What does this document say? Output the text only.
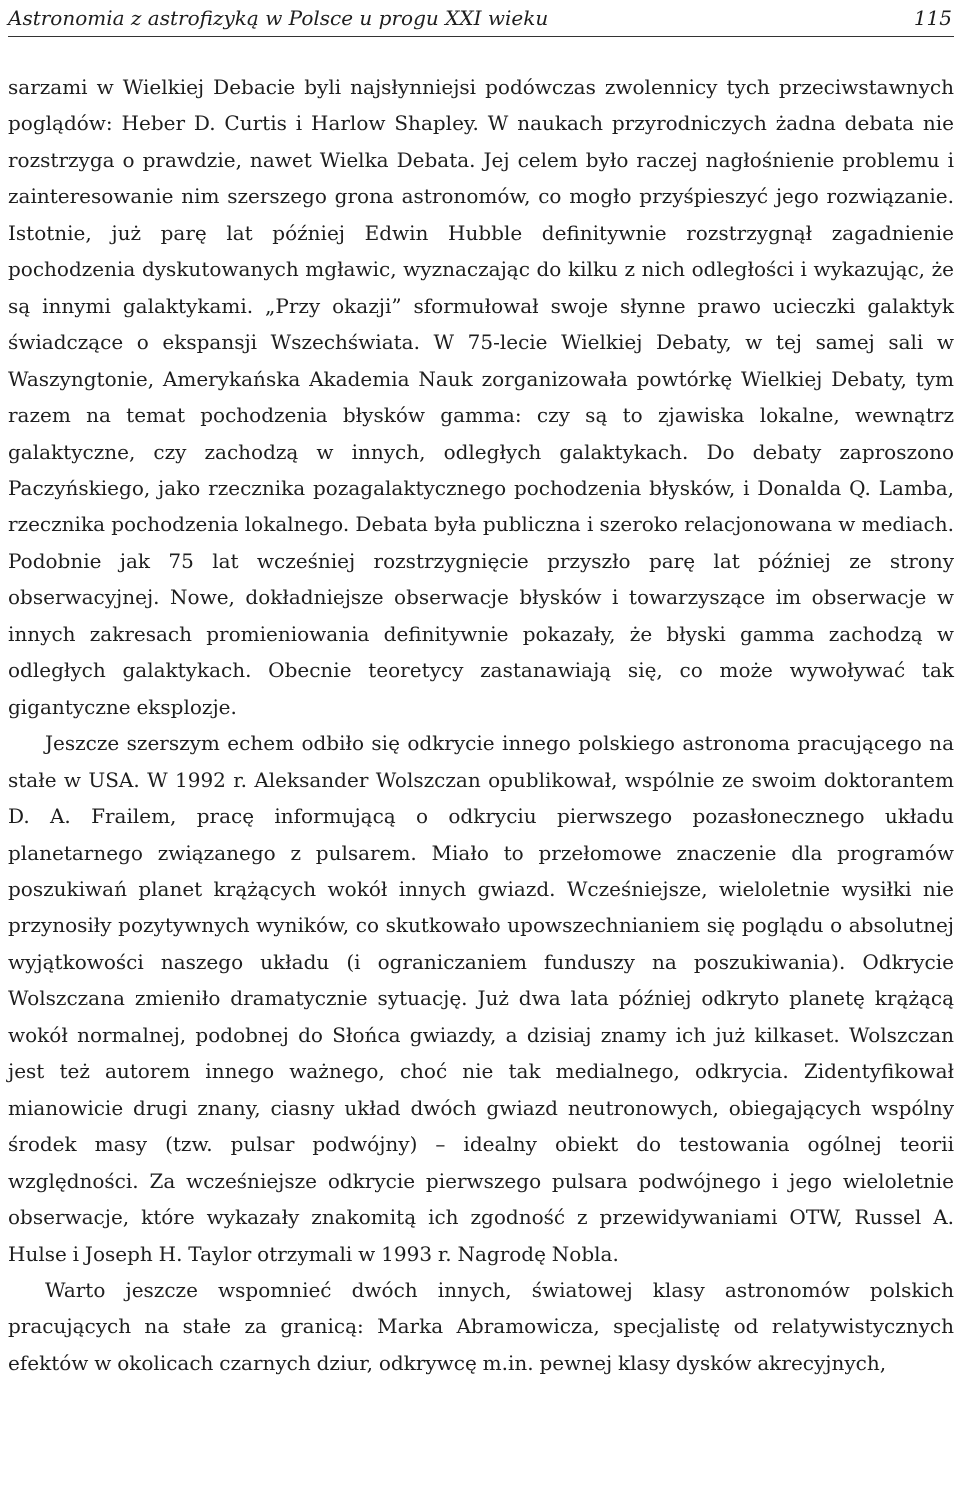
Astronomia z astrofizyką w Polsce u progu XXI wieku	115

sarzami w Wielkiej Debacie byli najsłynniejsi podówczas zwolennicy tych przeciwstawnych poglądów: Heber D. Curtis i Harlow Shapley. W naukach przyrodniczych żadna debata nie rozstrzyga o prawdzie, nawet Wielka Debata. Jej celem było raczej nagłośnienie problemu i zainteresowanie nim szerszego grona astronomów, co mogło przyśpieszyć jego rozwiązanie. Istotnie, już parę lat później Edwin Hubble definitywnie rozstrzygnął zagadnienie pochodzenia dyskutowanych mgławic, wyznaczając do kilku z nich odległości i wykazując, że są innymi galaktykami. „Przy okazji” sformułował swoje słynne prawo ucieczki galaktyk świadczące o ekspansji Wszechświata. W 75-lecie Wielkiej Debaty, w tej samej sali w Waszyngtonie, Amerykańska Akademia Nauk zorganizowała powtórkę Wielkiej Debaty, tym razem na temat pochodzenia błysków gamma: czy są to zjawiska lokalne, wewnątrz galaktyczne, czy zachodzą w innych, odległych galaktykach. Do debaty zaproszono Paczyńskiego, jako rzecznika pozagalaktycznego pochodzenia błysków, i Donalda Q. Lamba, rzecznika pochodzenia lokalnego. Debata była publiczna i szeroko relacjonowana w mediach. Podobnie jak 75 lat wcześniej rozstrzygnięcie przyszło parę lat później ze strony obserwacyjnej. Nowe, dokładniejsze obserwacje błysków i towarzyszące im obserwacje w innych zakresach promieniowania definitywnie pokazały, że błyski gamma zachodzą w odległych galaktykach. Obecnie teoretycy zastanawiają się, co może wywoływać tak gigantyczne eksplozje.

Jeszcze szerszym echem odbiło się odkrycie innego polskiego astronoma pracującego na stałe w USA. W 1992 r. Aleksander Wolszczan opublikował, wspólnie ze swoim doktorantem D. A. Frailem, pracę informującą o odkryciu pierwszego pozasłonecznego układu planetarnego związanego z pulsarem. Miało to przełomowe znaczenie dla programów poszukiwań planet krążących wokół innych gwiazd. Wcześniejsze, wieloletnie wysiłki nie przynosiły pozytywnych wyników, co skutkowało upowszechnianiem się poglądu o absolutnej wyjątkowości naszego układu (i ograniczaniem funduszy na poszukiwania). Odkrycie Wolszczana zmieniło dramatycznie sytuację. Już dwa lata później odkryto planetę krążącą wokół normalnej, podobnej do Słońca gwiazdy, a dzisiaj znamy ich już kilkaset. Wolszczan jest też autorem innego ważnego, choć nie tak medialnego, odkrycia. Zidentyfikował mianowicie drugi znany, ciasny układ dwóch gwiazd neutronowych, obiegających wspólny środek masy (tzw. pulsar podwójny) – idealny obiekt do testowania ogólnej teorii względności. Za wcześniejsze odkrycie pierwszego pulsara podwójnego i jego wieloletnie obserwacje, które wykazały znakomitą ich zgodność z przewidywaniami OTW, Russel A. Hulse i Joseph H. Taylor otrzymali w 1993 r. Nagrodę Nobla.

Warto jeszcze wspomnieć dwóch innych, światowej klasy astronomów polskich pracujących na stałe za granicą: Marka Abramowicza, specjalistę od relatywistycznych efektów w okolicach czarnych dziur, odkrywcę m.in. pewnej klasy dysków akrecyjnych,
